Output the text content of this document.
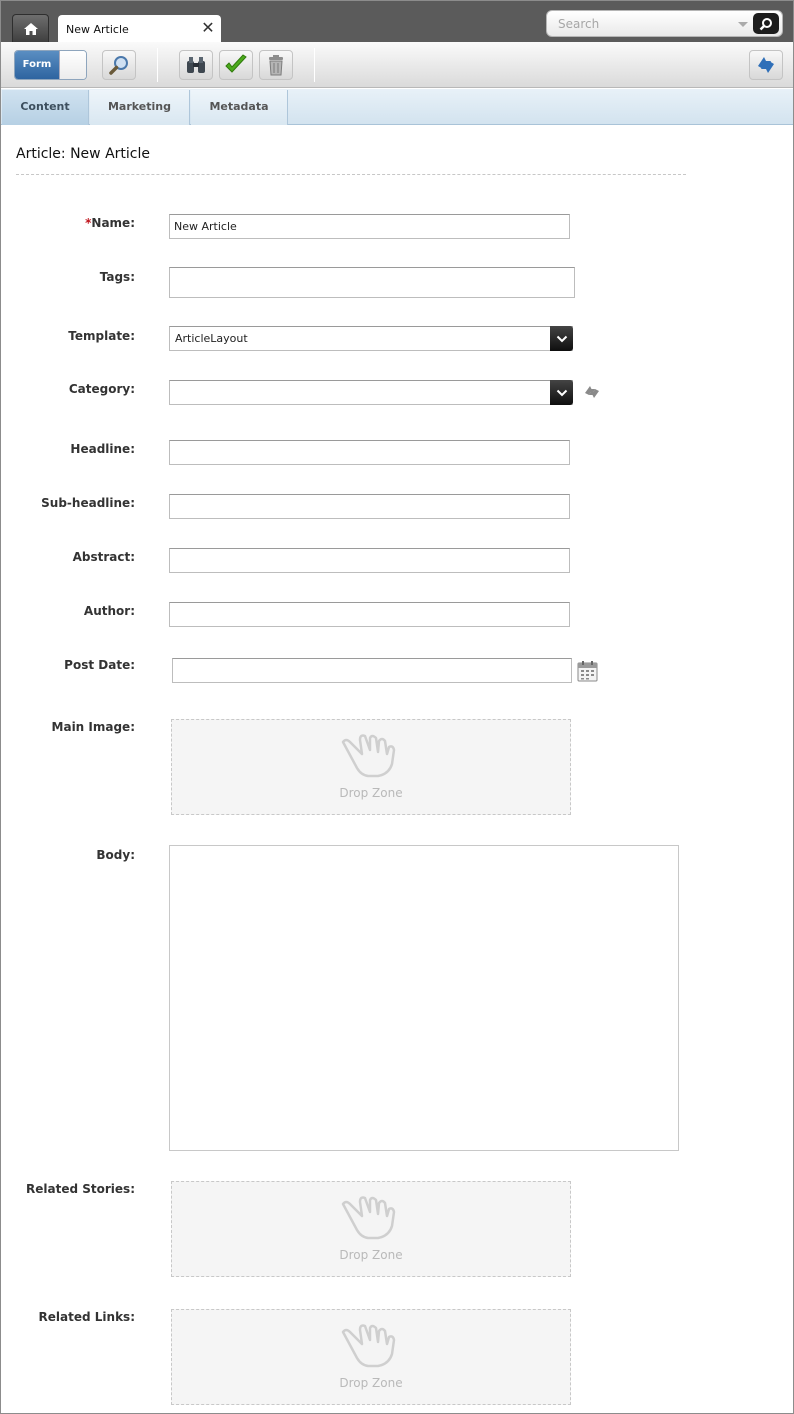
New Article	✕	Search
Form
Content	Marketing	Metadata
Article: New Article
*Name:
New Article
Tags:
Template:	ArticleLayout
Category:
Headline:
Sub-headline:
Abstract:
Author:
Post Date:
Main Image:
Drop Zone
Body:
Related Stories:
Drop Zone
Related Links:
Drop Zone
